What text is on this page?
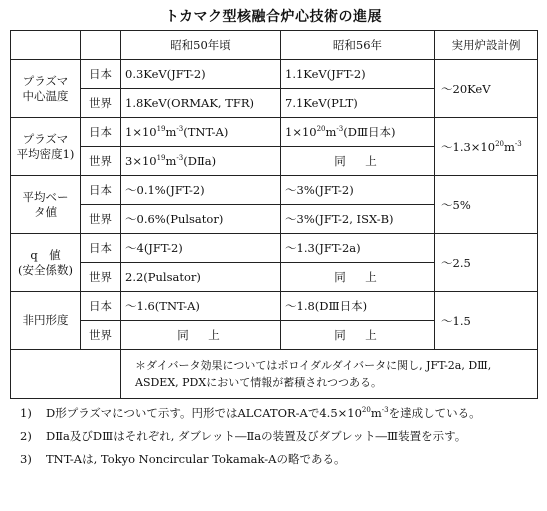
トカマク型核融合炉心技術の進展
		昭和50年頃	昭和56年	実用炉設計例

プラズマ
中心温度	日本	0.3KeV(JFT-2)	1.1KeV(JFT-2)	～20KeV
	世界	1.8KeV(ORMAK, TFR)	7.1KeV(PLT)	

プラズマ
平均密度1)	日本	$1\times 10^{19}m^{-3}(TNT-A)$	$1\times 10^{20}m^{-3}(DⅢ$日本)	$\sim 1.3\times 10^{20}m^{-3}$
	世界	$3\times 10^{19}m^{-3}(DⅡa)$	同　上	

平均ベー
タ値	日本	～0.1%(JFT-2)	～3%(JFT-2)	～5%
	世界	～0.6%(Pulsator)	～3%(JFT-2, ISX-B)	

q　値
(安全係数)	日本	～4(JFT-2)	～1.3(JFT-2a)	～2.5
	世界	2.2(Pulsator)	同　上	

非円形度	日本	～1.6(TNT-A)	～1.8(DⅢ日本)	～1.5
	世界	同　上	同　上	
		＊ダイバータ効果についてはポロイダルダイバータに関し, JFT-2a, DⅢ, ASDEX, PDXにおいて情報が蓄積されつつある。		
1) D形プラズマについて示す。円形ではALCATOR-Aで$4.5\times 10^{20}m^{-3}$を達成している。
2) DⅡa及びDⅢはそれぞれ, ダブレット―Ⅱaの装置及びダブレット―Ⅲ装置を示す。
3) TNT-Aは, Tokyo Noncircular Tokamak-Aの略である。
